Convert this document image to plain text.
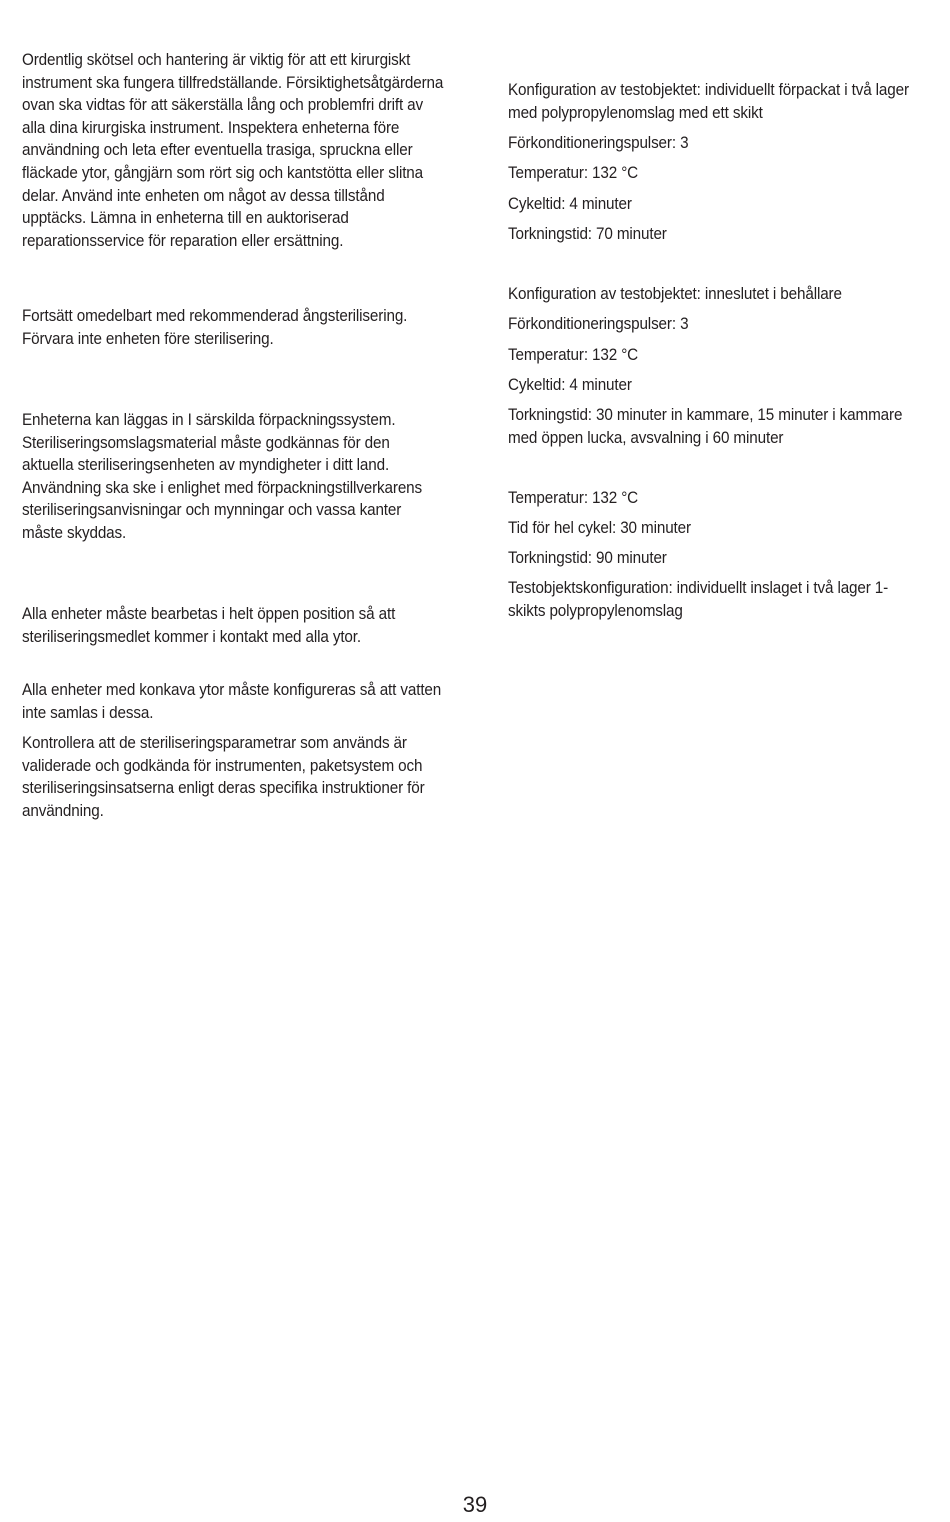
Ordentlig skötsel och hantering är viktig för att ett kirurgiskt instrument ska fungera tillfredställande. Försiktighetsåtgärderna ovan ska vidtas för att säkerställa lång och problemfri drift av alla dina kirurgiska instrument. Inspektera enheterna före användning och leta efter eventuella trasiga, spruckna eller fläckade ytor, gångjärn som rört sig och kantstötta eller slitna delar. Använd inte enheten om något av dessa tillstånd upptäcks. Lämna in enheterna till en auktoriserad reparationsservice för reparation eller ersättning.

Fortsätt omedelbart med rekommenderad ångsterilisering. Förvara inte enheten före sterilisering.

Enheterna kan läggas in I särskilda förpackningssystem. Steriliseringsomslagsmaterial måste godkännas för den aktuella steriliseringsenheten av myndigheter i ditt land. Användning ska ske i enlighet med förpackningstillverkarens steriliseringsanvisningar och mynningar och vassa kanter måste skyddas.

Alla enheter måste bearbetas i helt öppen position så att steriliseringsmedlet kommer i kontakt med alla ytor.

Alla enheter med konkava ytor måste konfigureras så att vatten inte samlas i dessa.

Kontrollera att de steriliseringsparametrar som används är validerade och godkända för instrumenten, paketsystem och steriliseringsinsatserna enligt deras specifika instruktioner för användning.

Konfiguration av testobjektet: individuellt förpackat i två lager med polypropylenomslag med ett skikt

Förkonditioneringspulser: 3

Temperatur: 132 °C

Cykeltid: 4 minuter

Torkningstid: 70 minuter

Konfiguration av testobjektet: inneslutet i behållare

Förkonditioneringspulser: 3

Temperatur: 132 °C

Cykeltid: 4 minuter

Torkningstid: 30 minuter in kammare, 15 minuter i kammare med öppen lucka, avsvalning i 60 minuter

Temperatur: 132 °C

Tid för hel cykel: 30 minuter

Torkningstid: 90 minuter

Testobjektskonfiguration: individuellt inslaget i två lager 1-skikts polypropylenomslag

39
